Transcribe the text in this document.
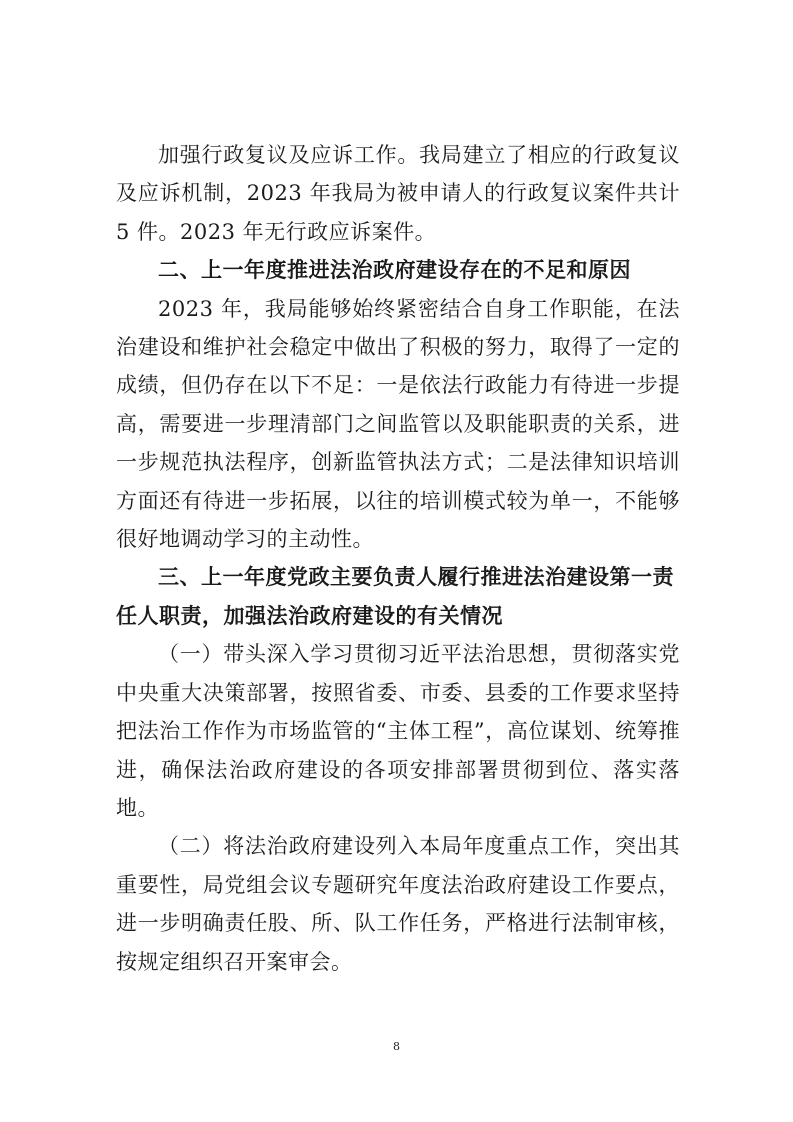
加强行政复议及应诉工作。我局建立了相应的行政复议及应诉机制，2023 年我局为被申请人的行政复议案件共计 5 件。2023 年无行政应诉案件。

二、上一年度推进法治政府建设存在的不足和原因

2023 年，我局能够始终紧密结合自身工作职能，在法治建设和维护社会稳定中做出了积极的努力，取得了一定的成绩，但仍存在以下不足：一是依法行政能力有待进一步提高，需要进一步理清部门之间监管以及职能职责的关系，进一步规范执法程序，创新监管执法方式；二是法律知识培训方面还有待进一步拓展，以往的培训模式较为单一，不能够很好地调动学习的主动性。

三、上一年度党政主要负责人履行推进法治建设第一责任人职责，加强法治政府建设的有关情况

（一）带头深入学习贯彻习近平法治思想，贯彻落实党中央重大决策部署，按照省委、市委、县委的工作要求坚持把法治工作作为市场监管的“主体工程”，高位谋划、统筹推进，确保法治政府建设的各项安排部署贯彻到位、落实落地。

（二）将法治政府建设列入本局年度重点工作，突出其重要性，局党组会议专题研究年度法治政府建设工作要点，进一步明确责任股、所、队工作任务，严格进行法制审核，按规定组织召开案审会。

8
